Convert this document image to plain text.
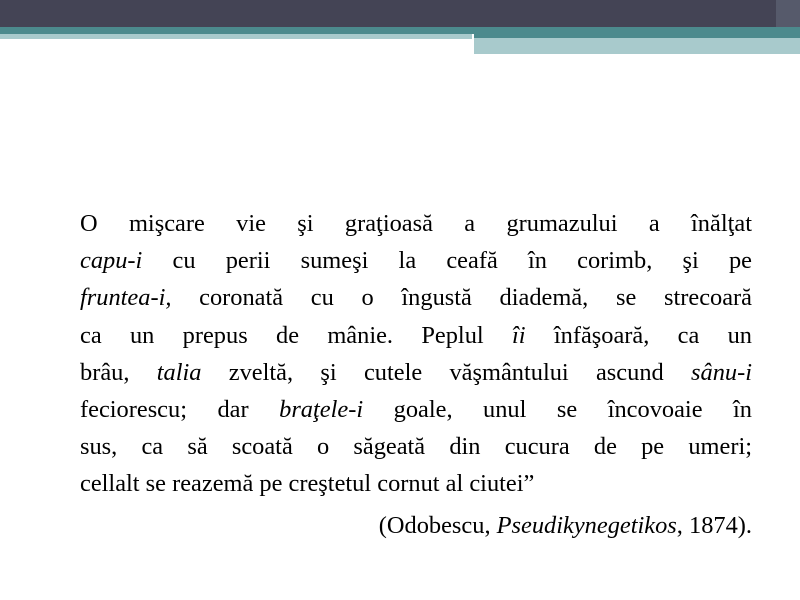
O mişcare vie şi graţioasă a grumazului a înălţat
capu-i cu perii sumeşi la ceafă în corimb, şi pe
fruntea-i, coronată cu o îngustă diademă, se strecoară
ca un prepus de mânie. Peplul îi înfăşoară, ca un
brâu, talia zveltă, şi cutele văşmântului ascund sânu-i
feciorescu; dar braţele-i goale, unul se încovoaie în
sus, ca să scoată o săgeată din cucura de pe umeri;
cellalt se reazemă pe creştetul cornut al ciutei”
(Odobescu, Pseudikynegetikos, 1874).
